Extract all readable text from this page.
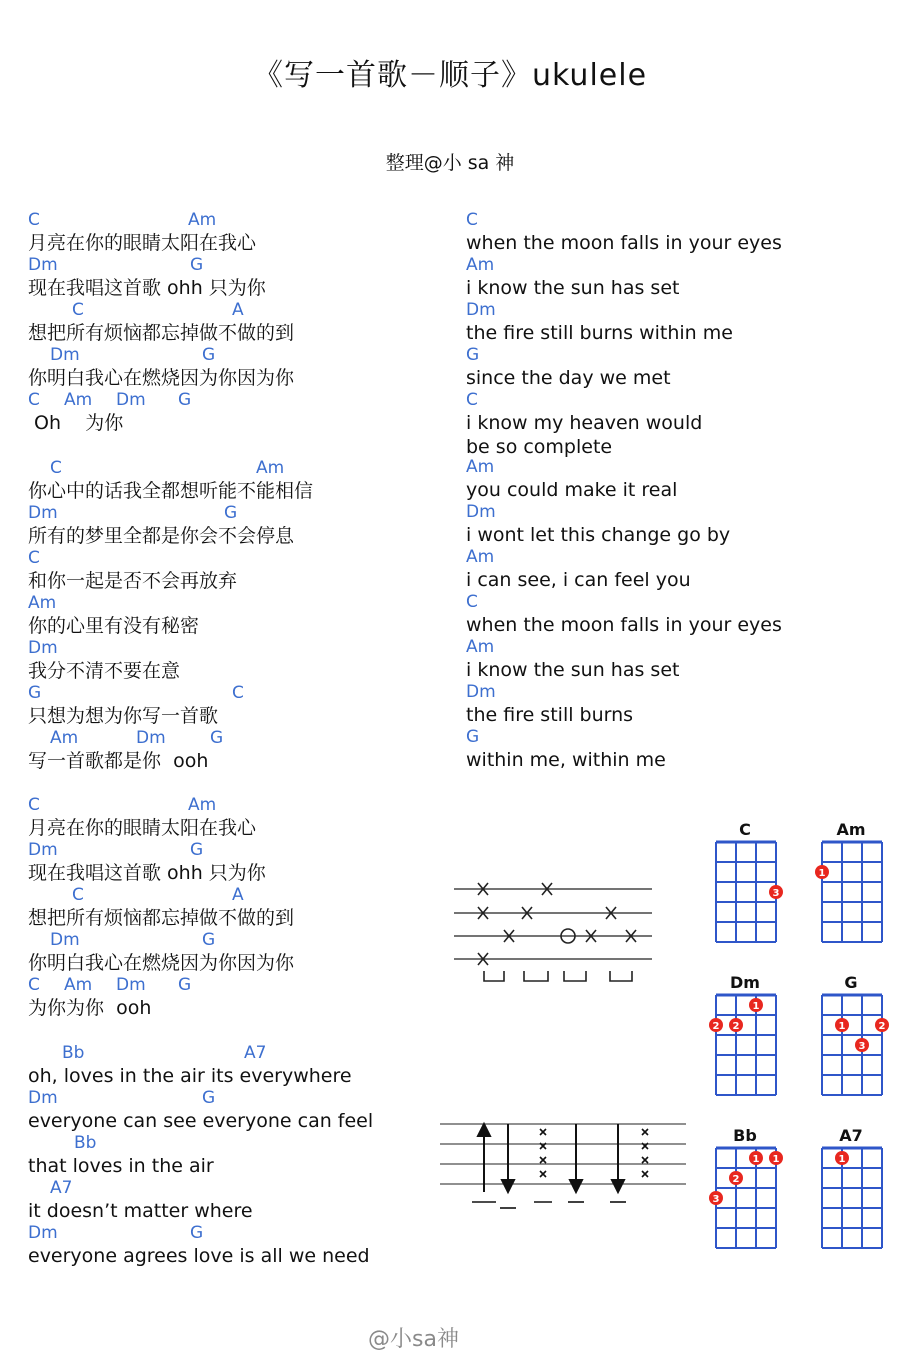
《写一首歌－顺子》ukulele
整理@小 sa 神
C	Am
月亮在你的眼睛太阳在我心
Dm	G
现在我唱这首歌 ohh 只为你
C	A
想把所有烦恼都忘掉做不做的到
Dm	G
你明白我心在燃烧因为你因为你
C Am Dm G
Oh    为你
C	Am
你心中的话我全都想听能不能相信
Dm	G
所有的梦里全都是你会不会停息
C
和你一起是否不会再放弃
Am
你的心里有没有秘密
Dm
我分不清不要在意
G	C
只想为想为你写一首歌
Am	Dm	G
写一首歌都是你  ooh
C	Am
月亮在你的眼睛太阳在我心
Dm	G
现在我唱这首歌 ohh 只为你
C	A
想把所有烦恼都忘掉做不做的到
Dm	G
你明白我心在燃烧因为你因为你
C Am Dm G
为你为你  ooh
Bb	A7
oh, loves in the air its everywhere
Dm	G
everyone can see everyone can feel
Bb
that loves in the air
A7
it doesn’t matter where
Dm	G
everyone agrees love is all we need
C
when the moon falls in your eyes
Am
i know the sun has set
Dm
the fire still burns within me
G
since the day we met
C
i know my heaven would
be so complete
Am
you could make it real
Dm
i wont let this change go by
Am
i can see, i can feel you
C
when the moon falls in your eyes
Am
i know the sun has set
Dm
the fire still burns
G
within me, within me
C
3
Am
1
Dm
2 2
1
G
1
3
2
Bb
3
2
1 1
A7
1
@小sa神
